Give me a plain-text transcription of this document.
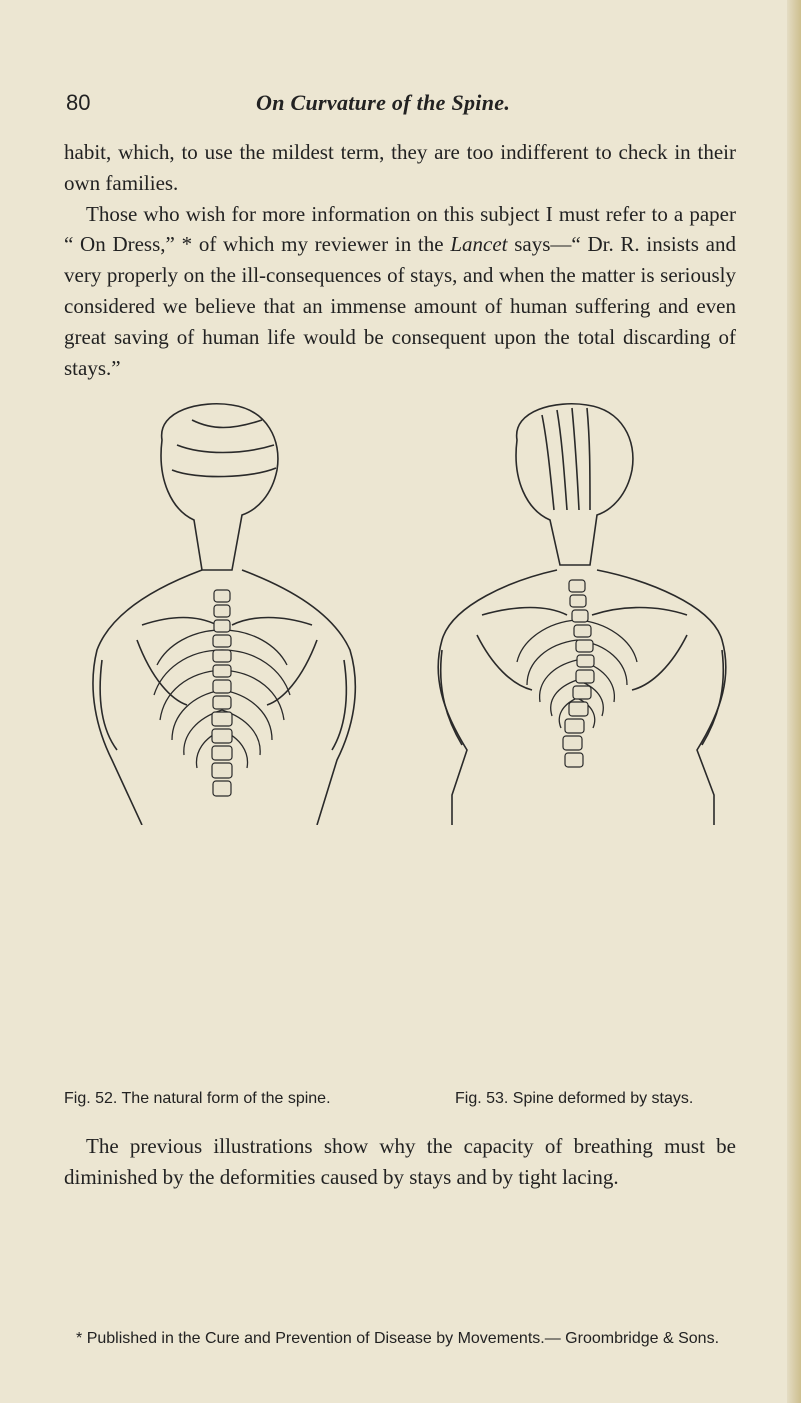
80	On Curvature of the Spine.

habit, which, to use the mildest term, they are too indifferent to check in their own families.

Those who wish for more information on this subject I must refer to a paper “ On Dress,” * of which my reviewer in the Lancet says—“ Dr. R. insists and very properly on the ill-consequences of stays, and when the matter is seriously considered we believe that an immense amount of human suffering and even great saving of human life would be consequent upon the total discarding of stays.”

Fig. 52. The natural form of the spine.	Fig. 53. Spine deformed by stays.

The previous illustrations show why the capacity of breathing must be diminished by the deformities caused by stays and by tight lacing.

* Published in the Cure and Prevention of Disease by Movements.— Groombridge & Sons.
